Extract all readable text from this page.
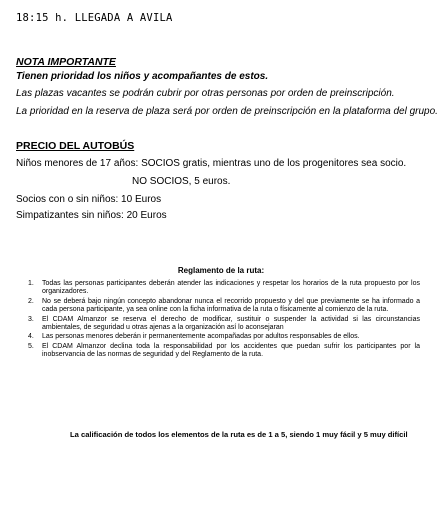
18:15 h. LLEGADA A AVILA
NOTA IMPORTANTE
Tienen prioridad los niños y acompañantes de estos.
Las plazas vacantes se podrán cubrir por otras personas por orden de preinscripción.
La prioridad en la reserva de plaza será por orden de preinscripción en la plataforma del grupo.
PRECIO DEL AUTOBÚS
Niños menores de 17 años: SOCIOS gratis, mientras uno de los progenitores sea socio.
NO SOCIOS, 5 euros.
Socios con o sin niños: 10 Euros
Simpatizantes sin niños: 20 Euros
Reglamento de la ruta:
1.	Todas las personas participantes deberán atender las indicaciones y respetar los horarios de la ruta propuesto por los organizadores.
2.	No se deberá bajo ningún concepto abandonar nunca el recorrido propuesto y del que previamente se ha informado a cada persona participante, ya sea online con la ficha informativa de la ruta o físicamente al comienzo de la ruta.
3.	El CDAM Almanzor se reserva el derecho de modificar, sustituir o suspender la actividad si las circunstancias ambientales, de seguridad u otras ajenas a la organización así lo aconsejaran
4.	Las personas menores deberán ir permanentemente acompañadas por adultos responsables de ellos.
5.	El CDAM Almanzor declina toda la responsabilidad por los accidentes que puedan sufrir los participantes por la inobservancia de las normas de seguridad y del Reglamento de la ruta.
La calificación de todos los elementos de la ruta es de 1 a 5, siendo 1 muy fácil y 5 muy difícil
